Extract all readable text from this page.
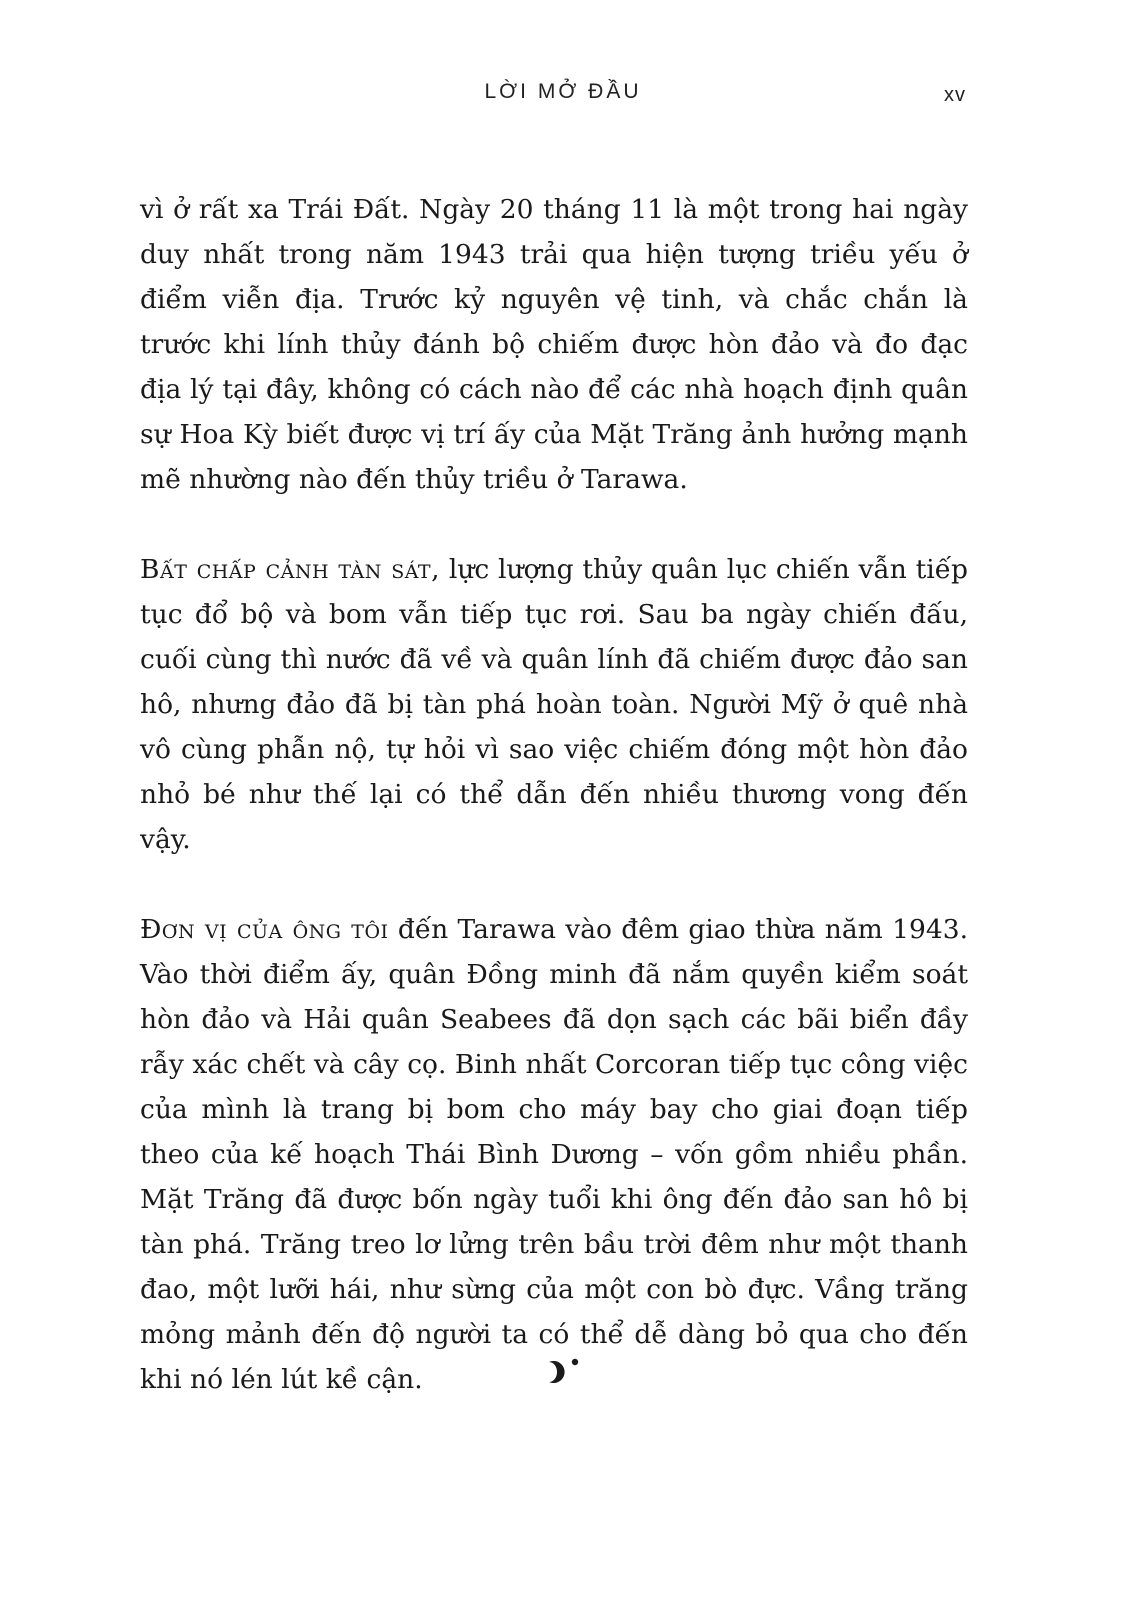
LỜI MỞ ĐẦU	xv

vì ở rất xa Trái Đất. Ngày 20 tháng 11 là một trong hai ngày duy nhất trong năm 1943 trải qua hiện tượng triều yếu ở điểm viễn địa. Trước kỷ nguyên vệ tinh, và chắc chắn là trước khi lính thủy đánh bộ chiếm được hòn đảo và đo đạc địa lý tại đây, không có cách nào để các nhà hoạch định quân sự Hoa Kỳ biết được vị trí ấy của Mặt Trăng ảnh hưởng mạnh mẽ nhường nào đến thủy triều ở Tarawa.

Bất chấp cảnh tàn sát, lực lượng thủy quân lục chiến vẫn tiếp tục đổ bộ và bom vẫn tiếp tục rơi. Sau ba ngày chiến đấu, cuối cùng thì nước đã về và quân lính đã chiếm được đảo san hô, nhưng đảo đã bị tàn phá hoàn toàn. Người Mỹ ở quê nhà vô cùng phẫn nộ, tự hỏi vì sao việc chiếm đóng một hòn đảo nhỏ bé như thế lại có thể dẫn đến nhiều thương vong đến vậy.

Đơn vị của ông tôi đến Tarawa vào đêm giao thừa năm 1943. Vào thời điểm ấy, quân Đồng minh đã nắm quyền kiểm soát hòn đảo và Hải quân Seabees đã dọn sạch các bãi biển đầy rẫy xác chết và cây cọ. Binh nhất Corcoran tiếp tục công việc của mình là trang bị bom cho máy bay cho giai đoạn tiếp theo của kế hoạch Thái Bình Dương – vốn gồm nhiều phần. Mặt Trăng đã được bốn ngày tuổi khi ông đến đảo san hô bị tàn phá. Trăng treo lơ lửng trên bầu trời đêm như một thanh đao, một lưỡi hái, như sừng của một con bò đực. Vầng trăng mỏng mảnh đến độ người ta có thể dễ dàng bỏ qua cho đến khi nó lén lút kề cận.
